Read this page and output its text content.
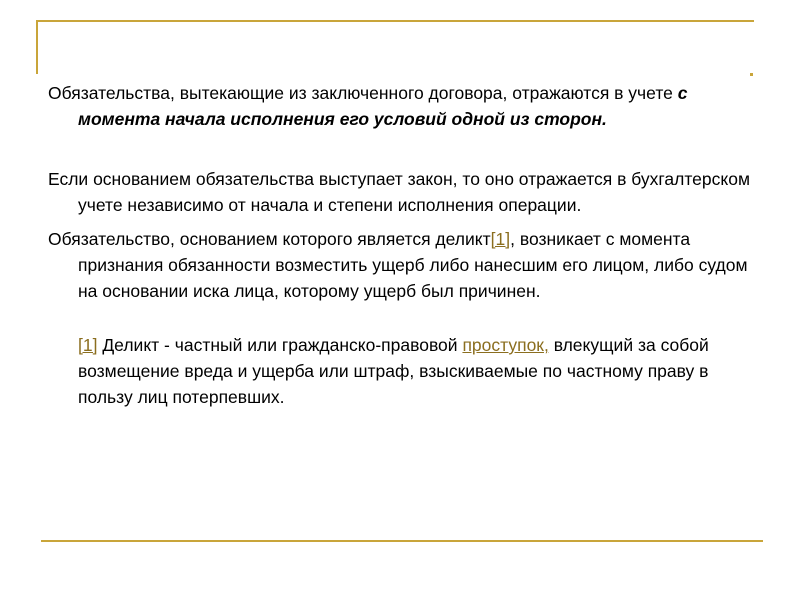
Обязательства, вытекающие из заключенного договора, отражаются в учете с момента начала исполнения его условий одной из сторон.

Если основанием обязательства выступает закон, то оно отражается в бухгалтерском учете независимо от начала и степени исполнения операции.

Обязательство, основанием которого является деликт[1], возникает с момента признания обязанности возместить ущерб либо нанесшим его лицом, либо судом на основании иска лица, которому ущерб был причинен.

[1] Деликт - частный или гражданско-правовой проступок, влекущий за собой возмещение вреда и ущерба или штраф, взыскиваемые по частному праву в пользу лиц потерпевших.
